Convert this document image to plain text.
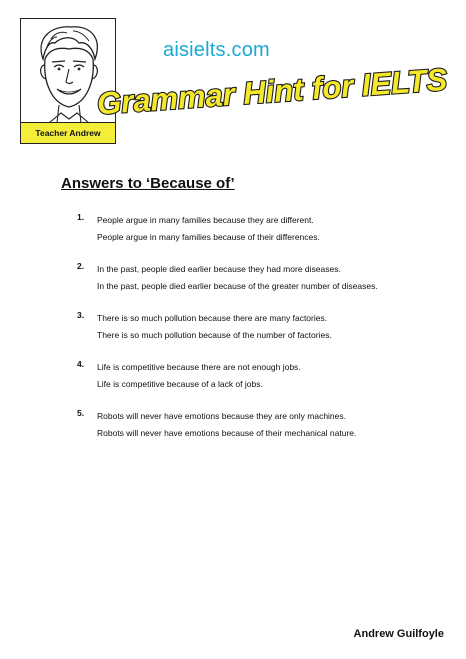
Teacher Andrew
aisielts.com
Grammar Hint for IELTS
Answers to ‘Because of’
1. People argue in many families because they are different.
People argue in many families because of their differences.
2. In the past, people died earlier because they had more diseases.
In the past, people died earlier because of the greater number of diseases.
3. There is so much pollution because there are many factories.
There is so much pollution because of the number of factories.
4. Life is competitive because there are not enough jobs.
Life is competitive because of a lack of jobs.
5. Robots will never have emotions because they are only machines.
Robots will never have emotions because of their mechanical nature.
Andrew Guilfoyle
